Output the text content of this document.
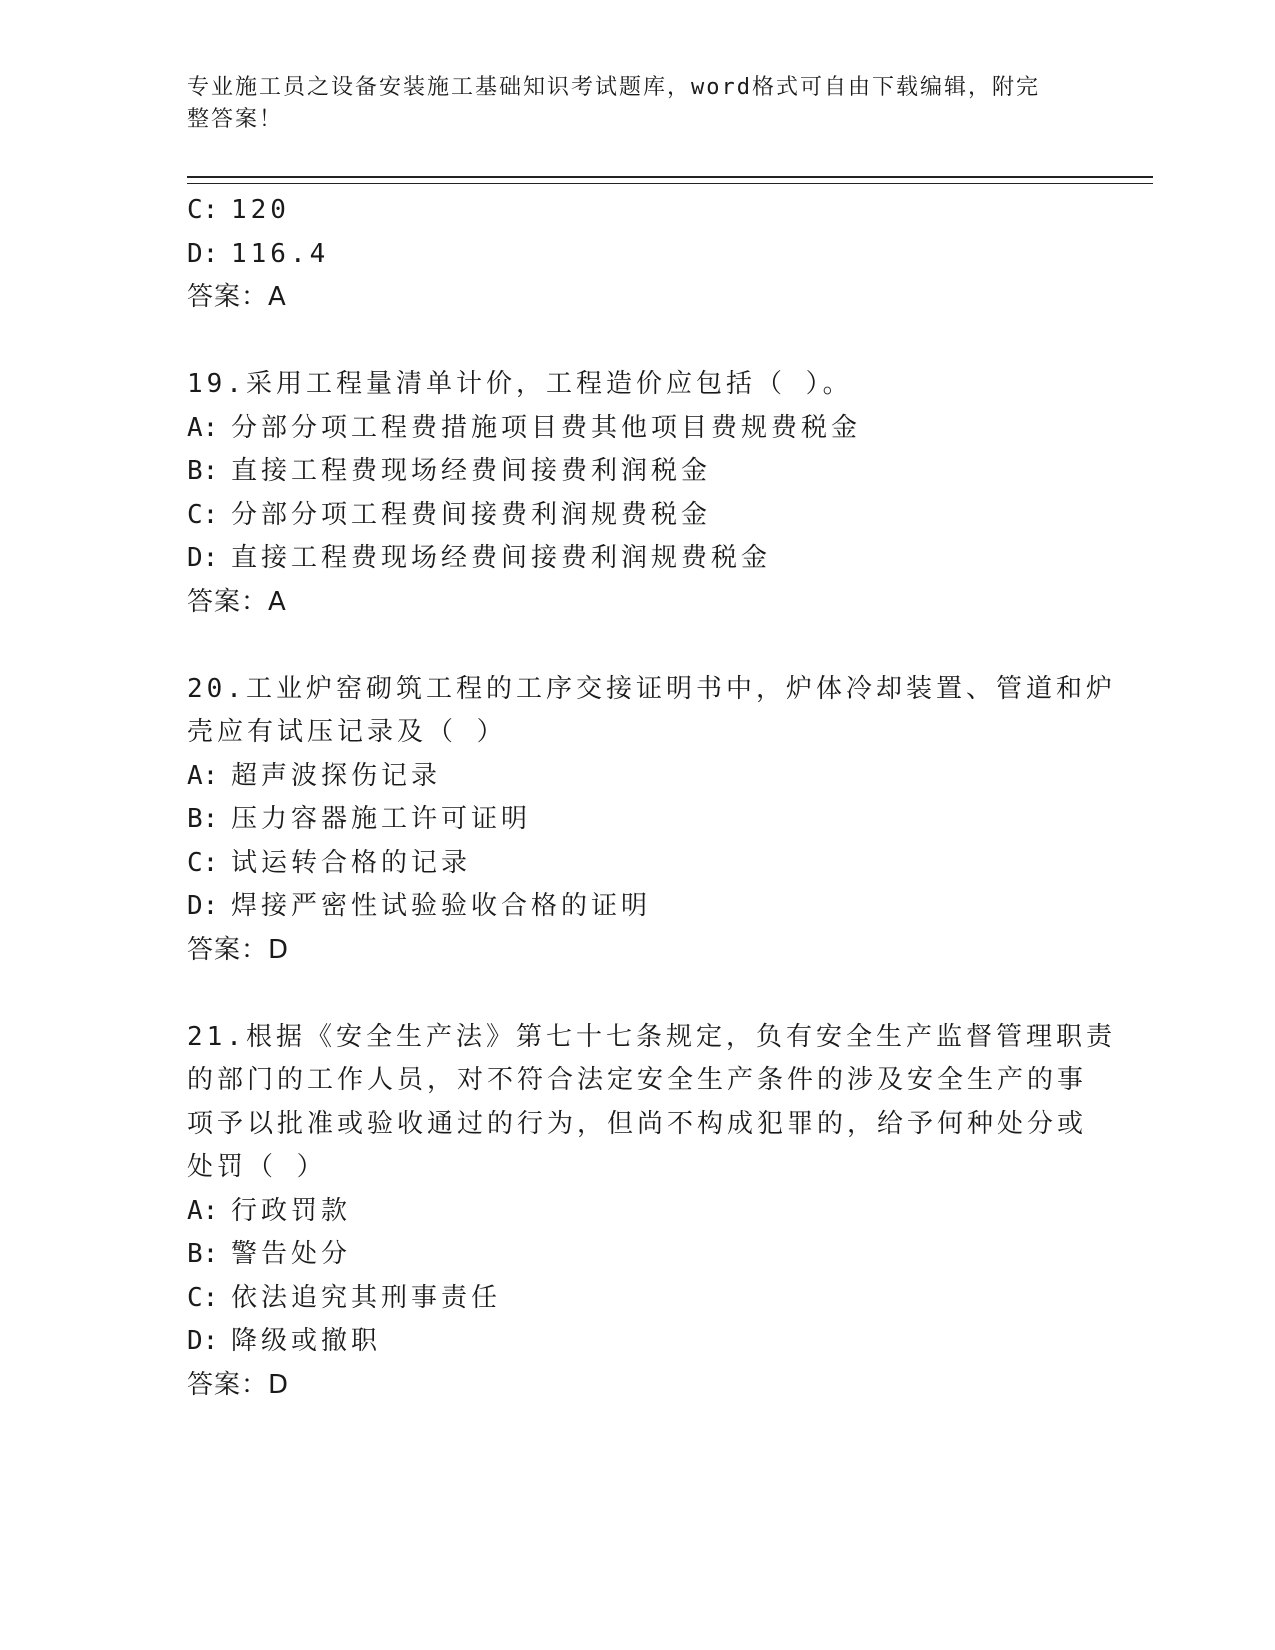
专业施工员之设备安装施工基础知识考试题库，word格式可自由下载编辑，附完
整答案！
C: 120
D: 116.4
答案：A
19.采用工程量清单计价，工程造价应包括（ ）。
A: 分部分项工程费措施项目费其他项目费规费税金
B: 直接工程费现场经费间接费利润税金
C: 分部分项工程费间接费利润规费税金
D: 直接工程费现场经费间接费利润规费税金
答案：A
20.工业炉窑砌筑工程的工序交接证明书中，炉体冷却装置、管道和炉
壳应有试压记录及（ ）
A: 超声波探伤记录
B: 压力容器施工许可证明
C: 试运转合格的记录
D: 焊接严密性试验验收合格的证明
答案：D
21.根据《安全生产法》第七十七条规定，负有安全生产监督管理职责
的部门的工作人员，对不符合法定安全生产条件的涉及安全生产的事
项予以批准或验收通过的行为，但尚不构成犯罪的，给予何种处分或
处罚（ ）
A: 行政罚款
B: 警告处分
C: 依法追究其刑事责任
D: 降级或撤职
答案：D
